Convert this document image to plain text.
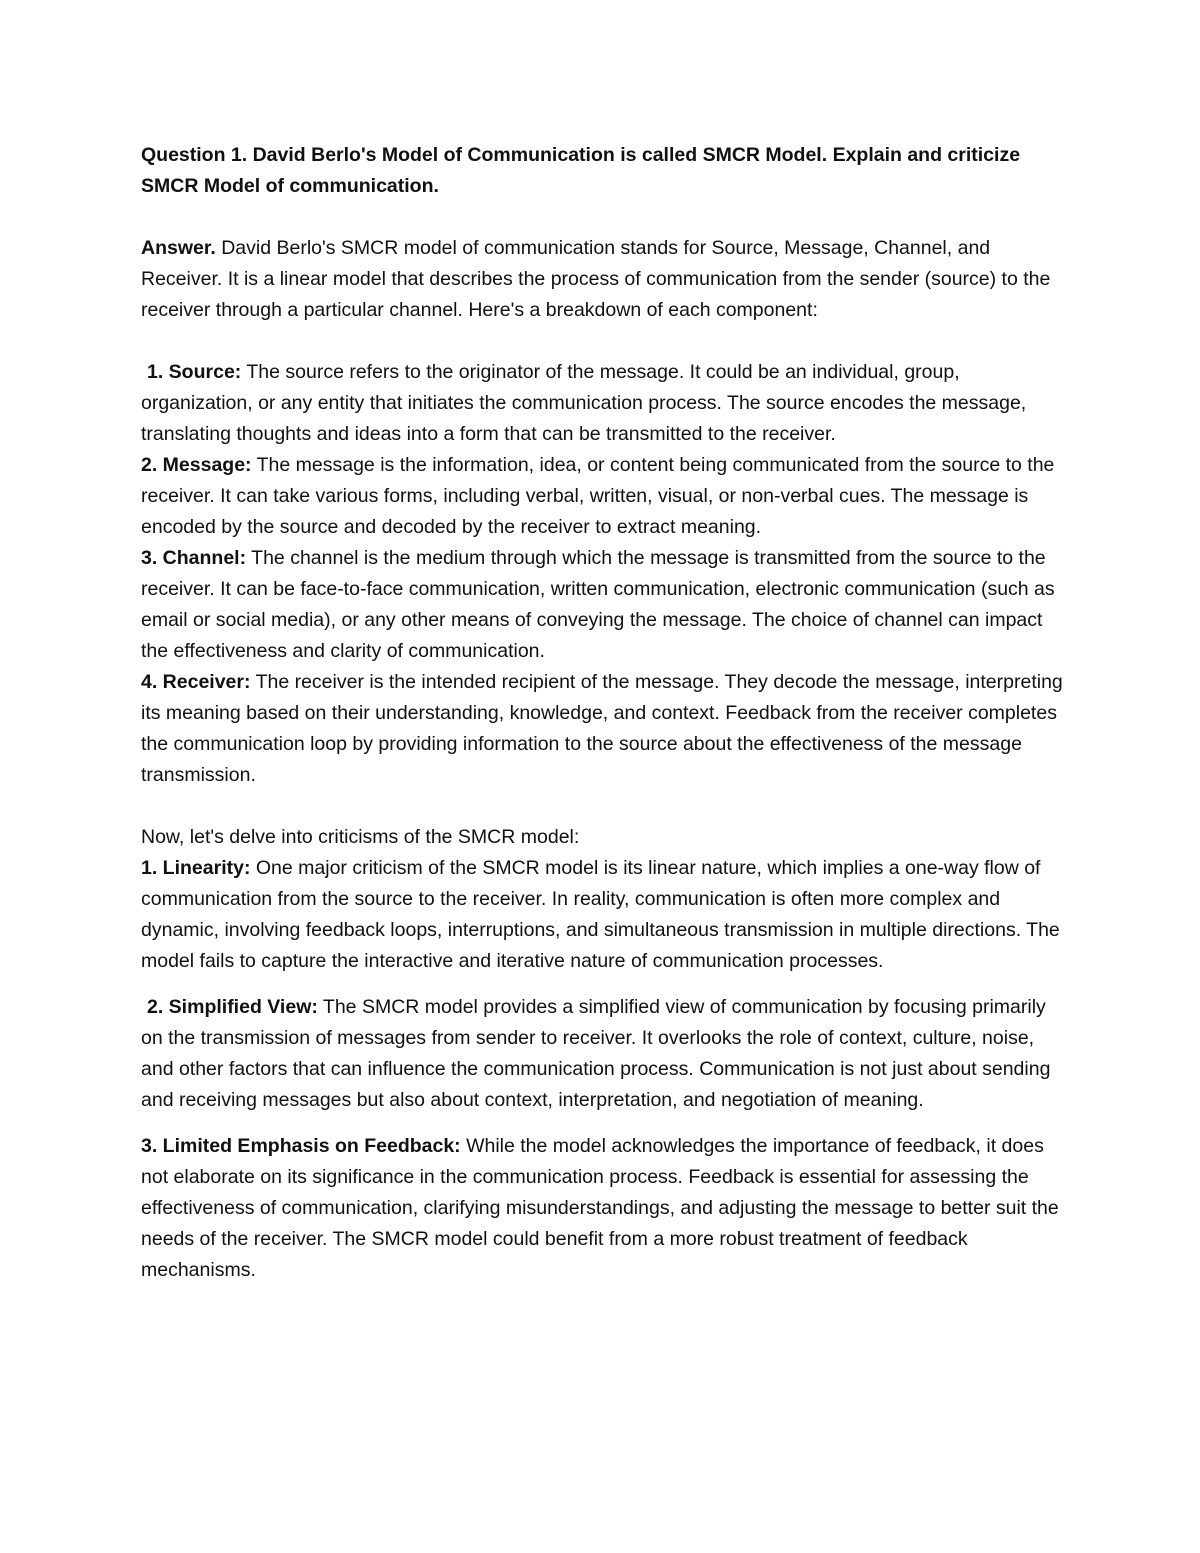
Question 1. David Berlo's Model of Communication is called SMCR Model. Explain and criticize SMCR Model of communication.

Answer. David Berlo's SMCR model of communication stands for Source, Message, Channel, and Receiver. It is a linear model that describes the process of communication from the sender (source) to the receiver through a particular channel. Here's a breakdown of each component:

1. Source: The source refers to the originator of the message. It could be an individual, group, organization, or any entity that initiates the communication process. The source encodes the message, translating thoughts and ideas into a form that can be transmitted to the receiver.

2. Message: The message is the information, idea, or content being communicated from the source to the receiver. It can take various forms, including verbal, written, visual, or non-verbal cues. The message is encoded by the source and decoded by the receiver to extract meaning.

3. Channel: The channel is the medium through which the message is transmitted from the source to the receiver. It can be face-to-face communication, written communication, electronic communication (such as email or social media), or any other means of conveying the message. The choice of channel can impact the effectiveness and clarity of communication.

4. Receiver: The receiver is the intended recipient of the message. They decode the message, interpreting its meaning based on their understanding, knowledge, and context. Feedback from the receiver completes the communication loop by providing information to the source about the effectiveness of the message transmission.

Now, let's delve into criticisms of the SMCR model:

1. Linearity: One major criticism of the SMCR model is its linear nature, which implies a one-way flow of communication from the source to the receiver. In reality, communication is often more complex and dynamic, involving feedback loops, interruptions, and simultaneous transmission in multiple directions. The model fails to capture the interactive and iterative nature of communication processes.

2. Simplified View: The SMCR model provides a simplified view of communication by focusing primarily on the transmission of messages from sender to receiver. It overlooks the role of context, culture, noise, and other factors that can influence the communication process. Communication is not just about sending and receiving messages but also about context, interpretation, and negotiation of meaning.

3. Limited Emphasis on Feedback: While the model acknowledges the importance of feedback, it does not elaborate on its significance in the communication process. Feedback is essential for assessing the effectiveness of communication, clarifying misunderstandings, and adjusting the message to better suit the needs of the receiver. The SMCR model could benefit from a more robust treatment of feedback mechanisms.
